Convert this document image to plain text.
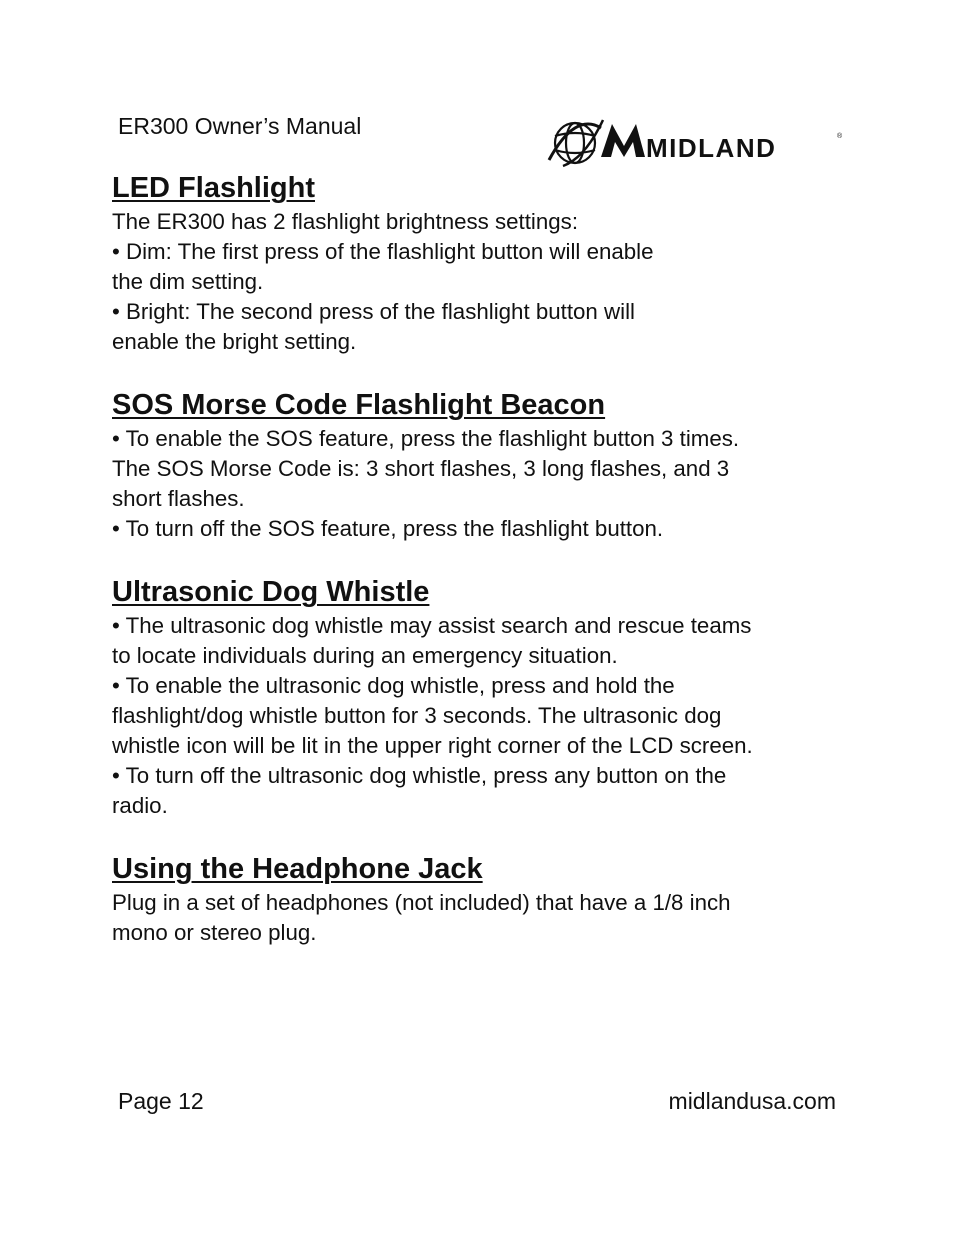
ER300 Owner’s Manual
MIDLAND	®
LED Flashlight

The ER300 has 2 flashlight brightness settings:

• Dim: The first press of the flashlight button will enable

the dim setting.

• Bright: The second press of the flashlight button will

enable the bright setting.

SOS Morse Code Flashlight Beacon

• To enable the SOS feature, press the flashlight button 3 times.

The SOS Morse Code is: 3 short flashes, 3 long flashes, and 3

short flashes.

• To turn off the SOS feature, press the flashlight button.

Ultrasonic Dog Whistle

• The ultrasonic dog whistle may assist search and rescue teams

to locate individuals during an emergency situation.

• To enable the ultrasonic dog whistle, press and hold the

flashlight/dog whistle button for 3 seconds. The ultrasonic dog

whistle icon will be lit in the upper right corner of the LCD screen.

• To turn off the ultrasonic dog whistle, press any button on the

radio.

Using the Headphone Jack

Plug in a set of headphones (not included) that have a 1/8 inch

mono or stereo plug.

Page 12	midlandusa.com
